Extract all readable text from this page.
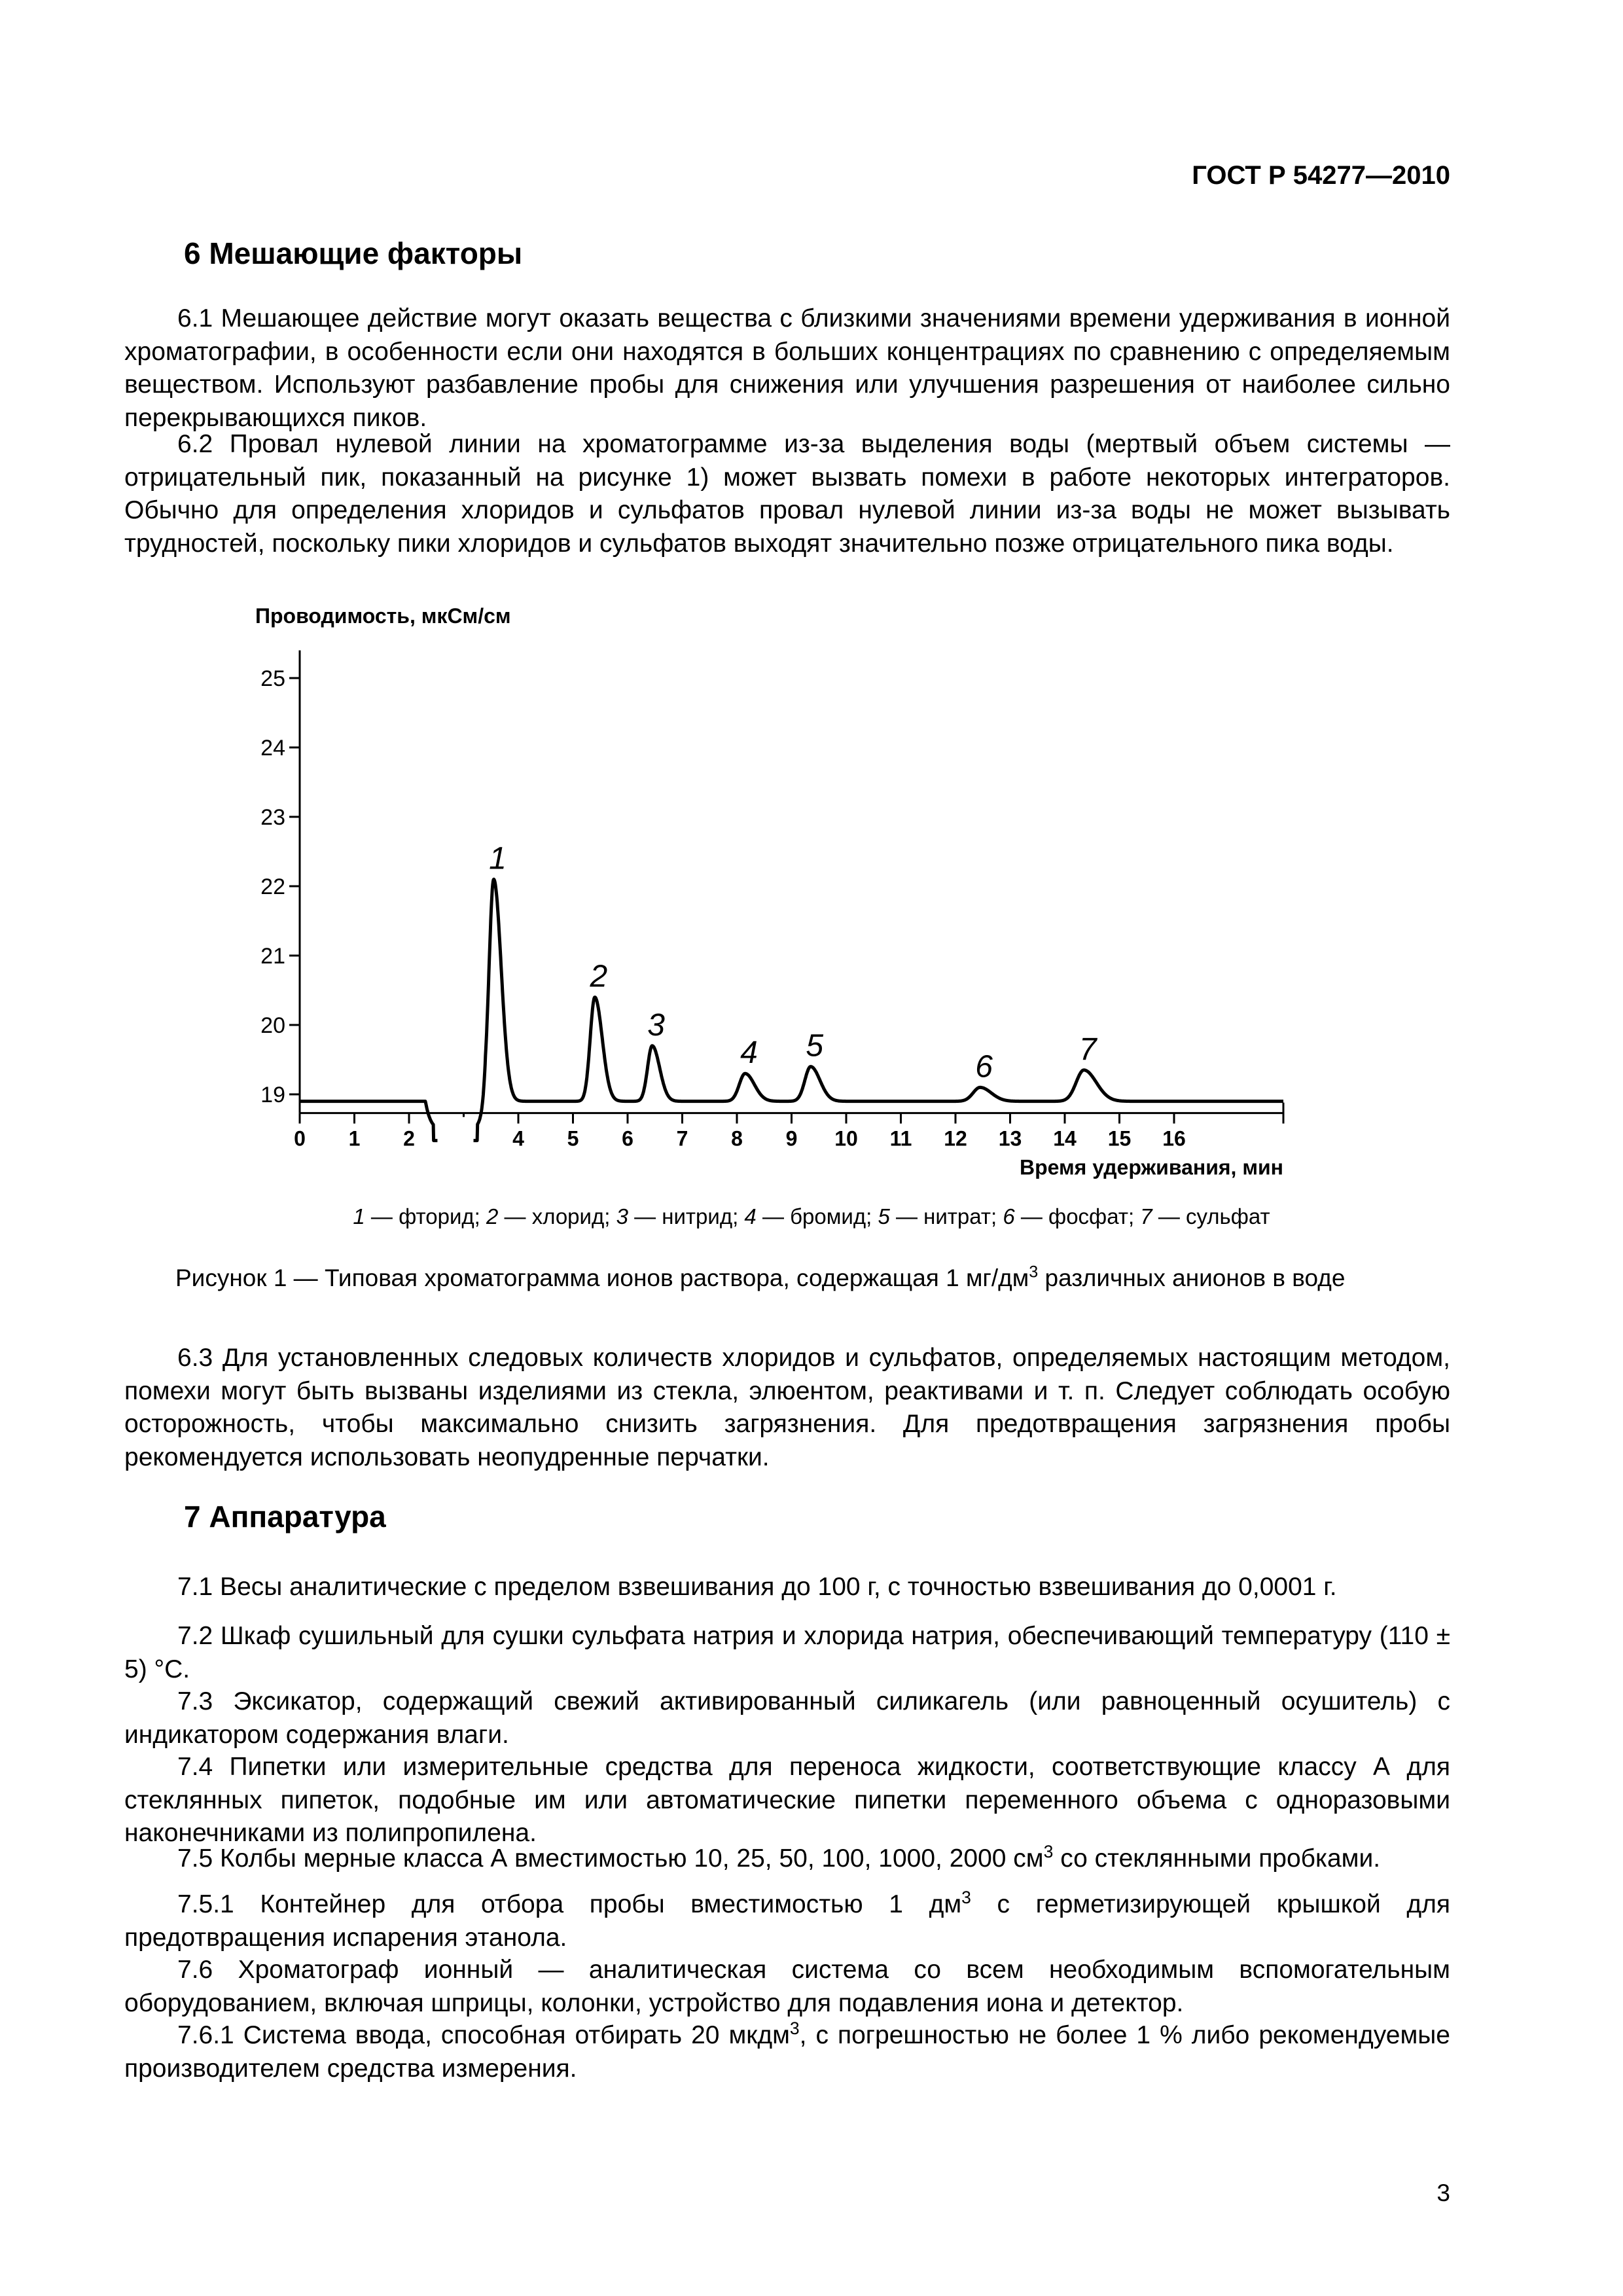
ГОСТ Р 54277—2010
6 Мешающие факторы

6.1 Мешающее действие могут оказать вещества с близкими значениями времени удерживания в ионной хроматографии, в особенности если они находятся в больших концентрациях по сравнению с определяемым веществом. Используют разбавление пробы для снижения или улучшения разрешения от наиболее сильно перекрывающихся пиков.

6.2 Провал нулевой линии на хроматограмме из-за выделения воды (мертвый объем системы — отрицательный пик, показанный на рисунке 1) может вызвать помехи в работе некоторых интеграторов. Обычно для определения хлоридов и сульфатов провал нулевой линии из-за воды не может вызывать трудностей, поскольку пики хлоридов и сульфатов выходят значительно позже отрицательного пика воды.

Проводимость, мкСм/см
19
20
21
22
23
24
25
0 1 2	4 5 6 7 8 9 10 11 12 13 14 15 16
Время удерживания, мин
1
2
3
4 5
6	7
1 — фторид; 2 — хлорид; 3 — нитрид; 4 — бромид; 5 — нитрат; 6 — фосфат; 7 — сульфат
Рисунок 1 — Типовая хроматограмма ионов раствора, содержащая 1 $мг/дм^3$ различных анионов в воде

6.3 Для установленных следовых количеств хлоридов и сульфатов, определяемых настоящим методом, помехи могут быть вызваны изделиями из стекла, элюентом, реактивами и т. п. Следует соблюдать особую осторожность, чтобы максимально снизить загрязнения. Для предотвращения загрязнения пробы рекомендуется использовать неопудренные перчатки.

7 Аппаратура

7.1 Весы аналитические с пределом взвешивания до 100 г, с точностью взвешивания до 0,0001 г.

7.2 Шкаф сушильный для сушки сульфата натрия и хлорида натрия, обеспечивающий температуру (110 ± 5) °С.

7.3 Эксикатор, содержащий свежий активированный силикагель (или равноценный осушитель) с индикатором содержания влаги.

7.4 Пипетки или измерительные средства для переноса жидкости, соответствующие классу А для стеклянных пипеток, подобные им или автоматические пипетки переменного объема с одноразовыми наконечниками из полипропилена.

7.5 Колбы мерные класса А вместимостью 10, 25, 50, 100, 1000, 2000 $см^3$ со стеклянными пробками.

7.5.1 Контейнер для отбора пробы вместимостью 1 $дм^3$ с герметизирующей крышкой для предотвращения испарения этанола.

7.6 Хроматограф ионный — аналитическая система со всем необходимым вспомогательным оборудованием, включая шприцы, колонки, устройство для подавления иона и детектор.

7.6.1 Система ввода, способная отбирать 20 мкдм$^3$, с погрешностью не более 1 % либо рекомендуемые производителем средства измерения.

3
